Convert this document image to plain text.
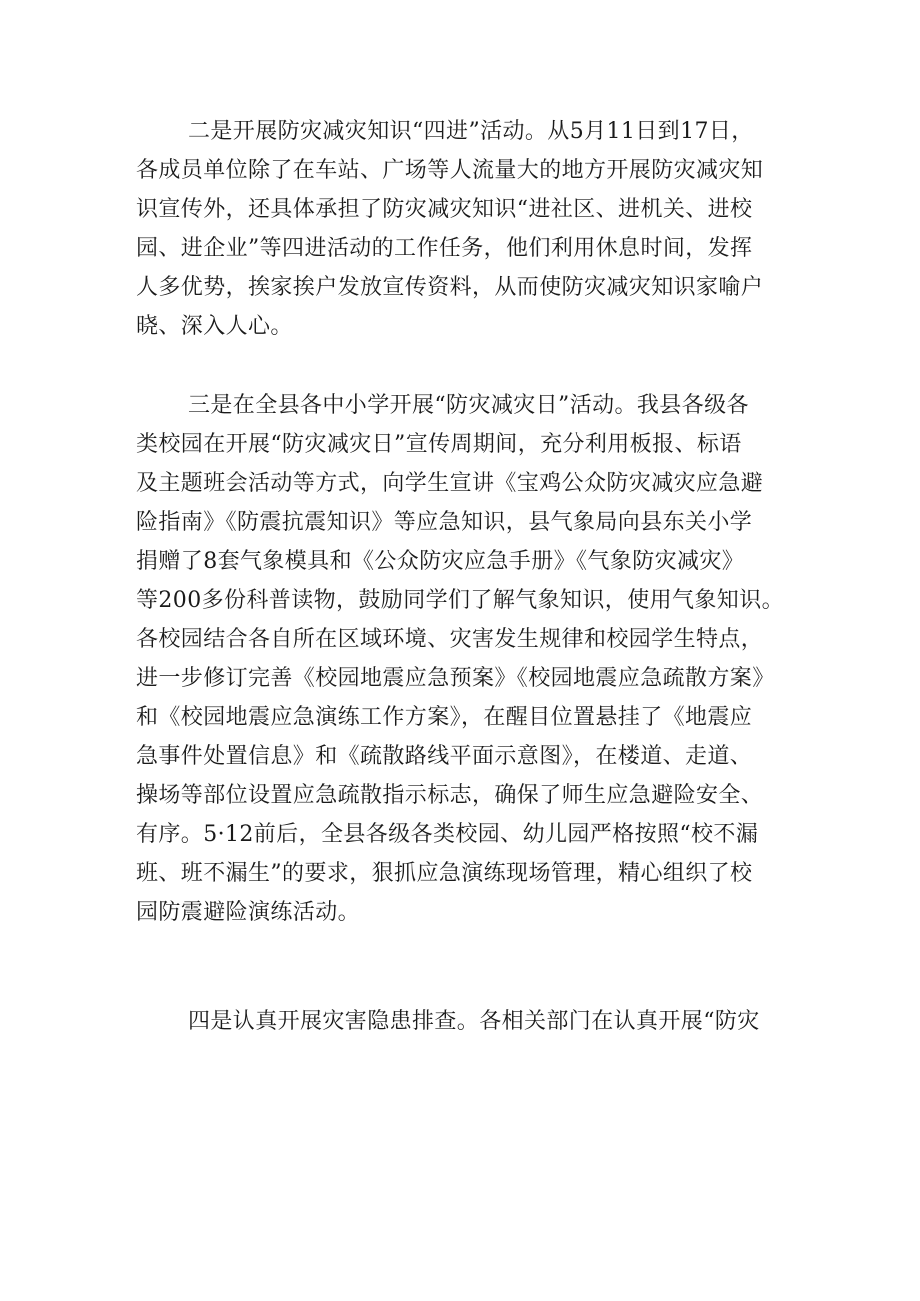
二是开展防灾减灾知识“四进”活动。从5月11日到17日，
各成员单位除了在车站、广场等人流量大的地方开展防灾减灾知
识宣传外，还具体承担了防灾减灾知识“进社区、进机关、进校
园、进企业”等四进活动的工作任务，他们利用休息时间，发挥
人多优势，挨家挨户发放宣传资料，从而使防灾减灾知识家喻户
晓、深入人心。
三是在全县各中小学开展“防灾减灾日”活动。我县各级各
类校园在开展“防灾减灾日”宣传周期间，充分利用板报、标语
及主题班会活动等方式，向学生宣讲《宝鸡公众防灾减灾应急避
险指南》《防震抗震知识》等应急知识，县气象局向县东关小学
捐赠了8套气象模具和《公众防灾应急手册》《气象防灾减灾》
等200多份科普读物，鼓励同学们了解气象知识，使用气象知识。
各校园结合各自所在区域环境、灾害发生规律和校园学生特点，
进一步修订完善《校园地震应急预案》《校园地震应急疏散方案》
和《校园地震应急演练工作方案》，在醒目位置悬挂了《地震应
急事件处置信息》和《疏散路线平面示意图》，在楼道、走道、
操场等部位设置应急疏散指示标志，确保了师生应急避险安全、
有序。5·12前后，全县各级各类校园、幼儿园严格按照“校不漏
班、班不漏生”的要求，狠抓应急演练现场管理，精心组织了校
园防震避险演练活动。
四是认真开展灾害隐患排查。各相关部门在认真开展“防灾
